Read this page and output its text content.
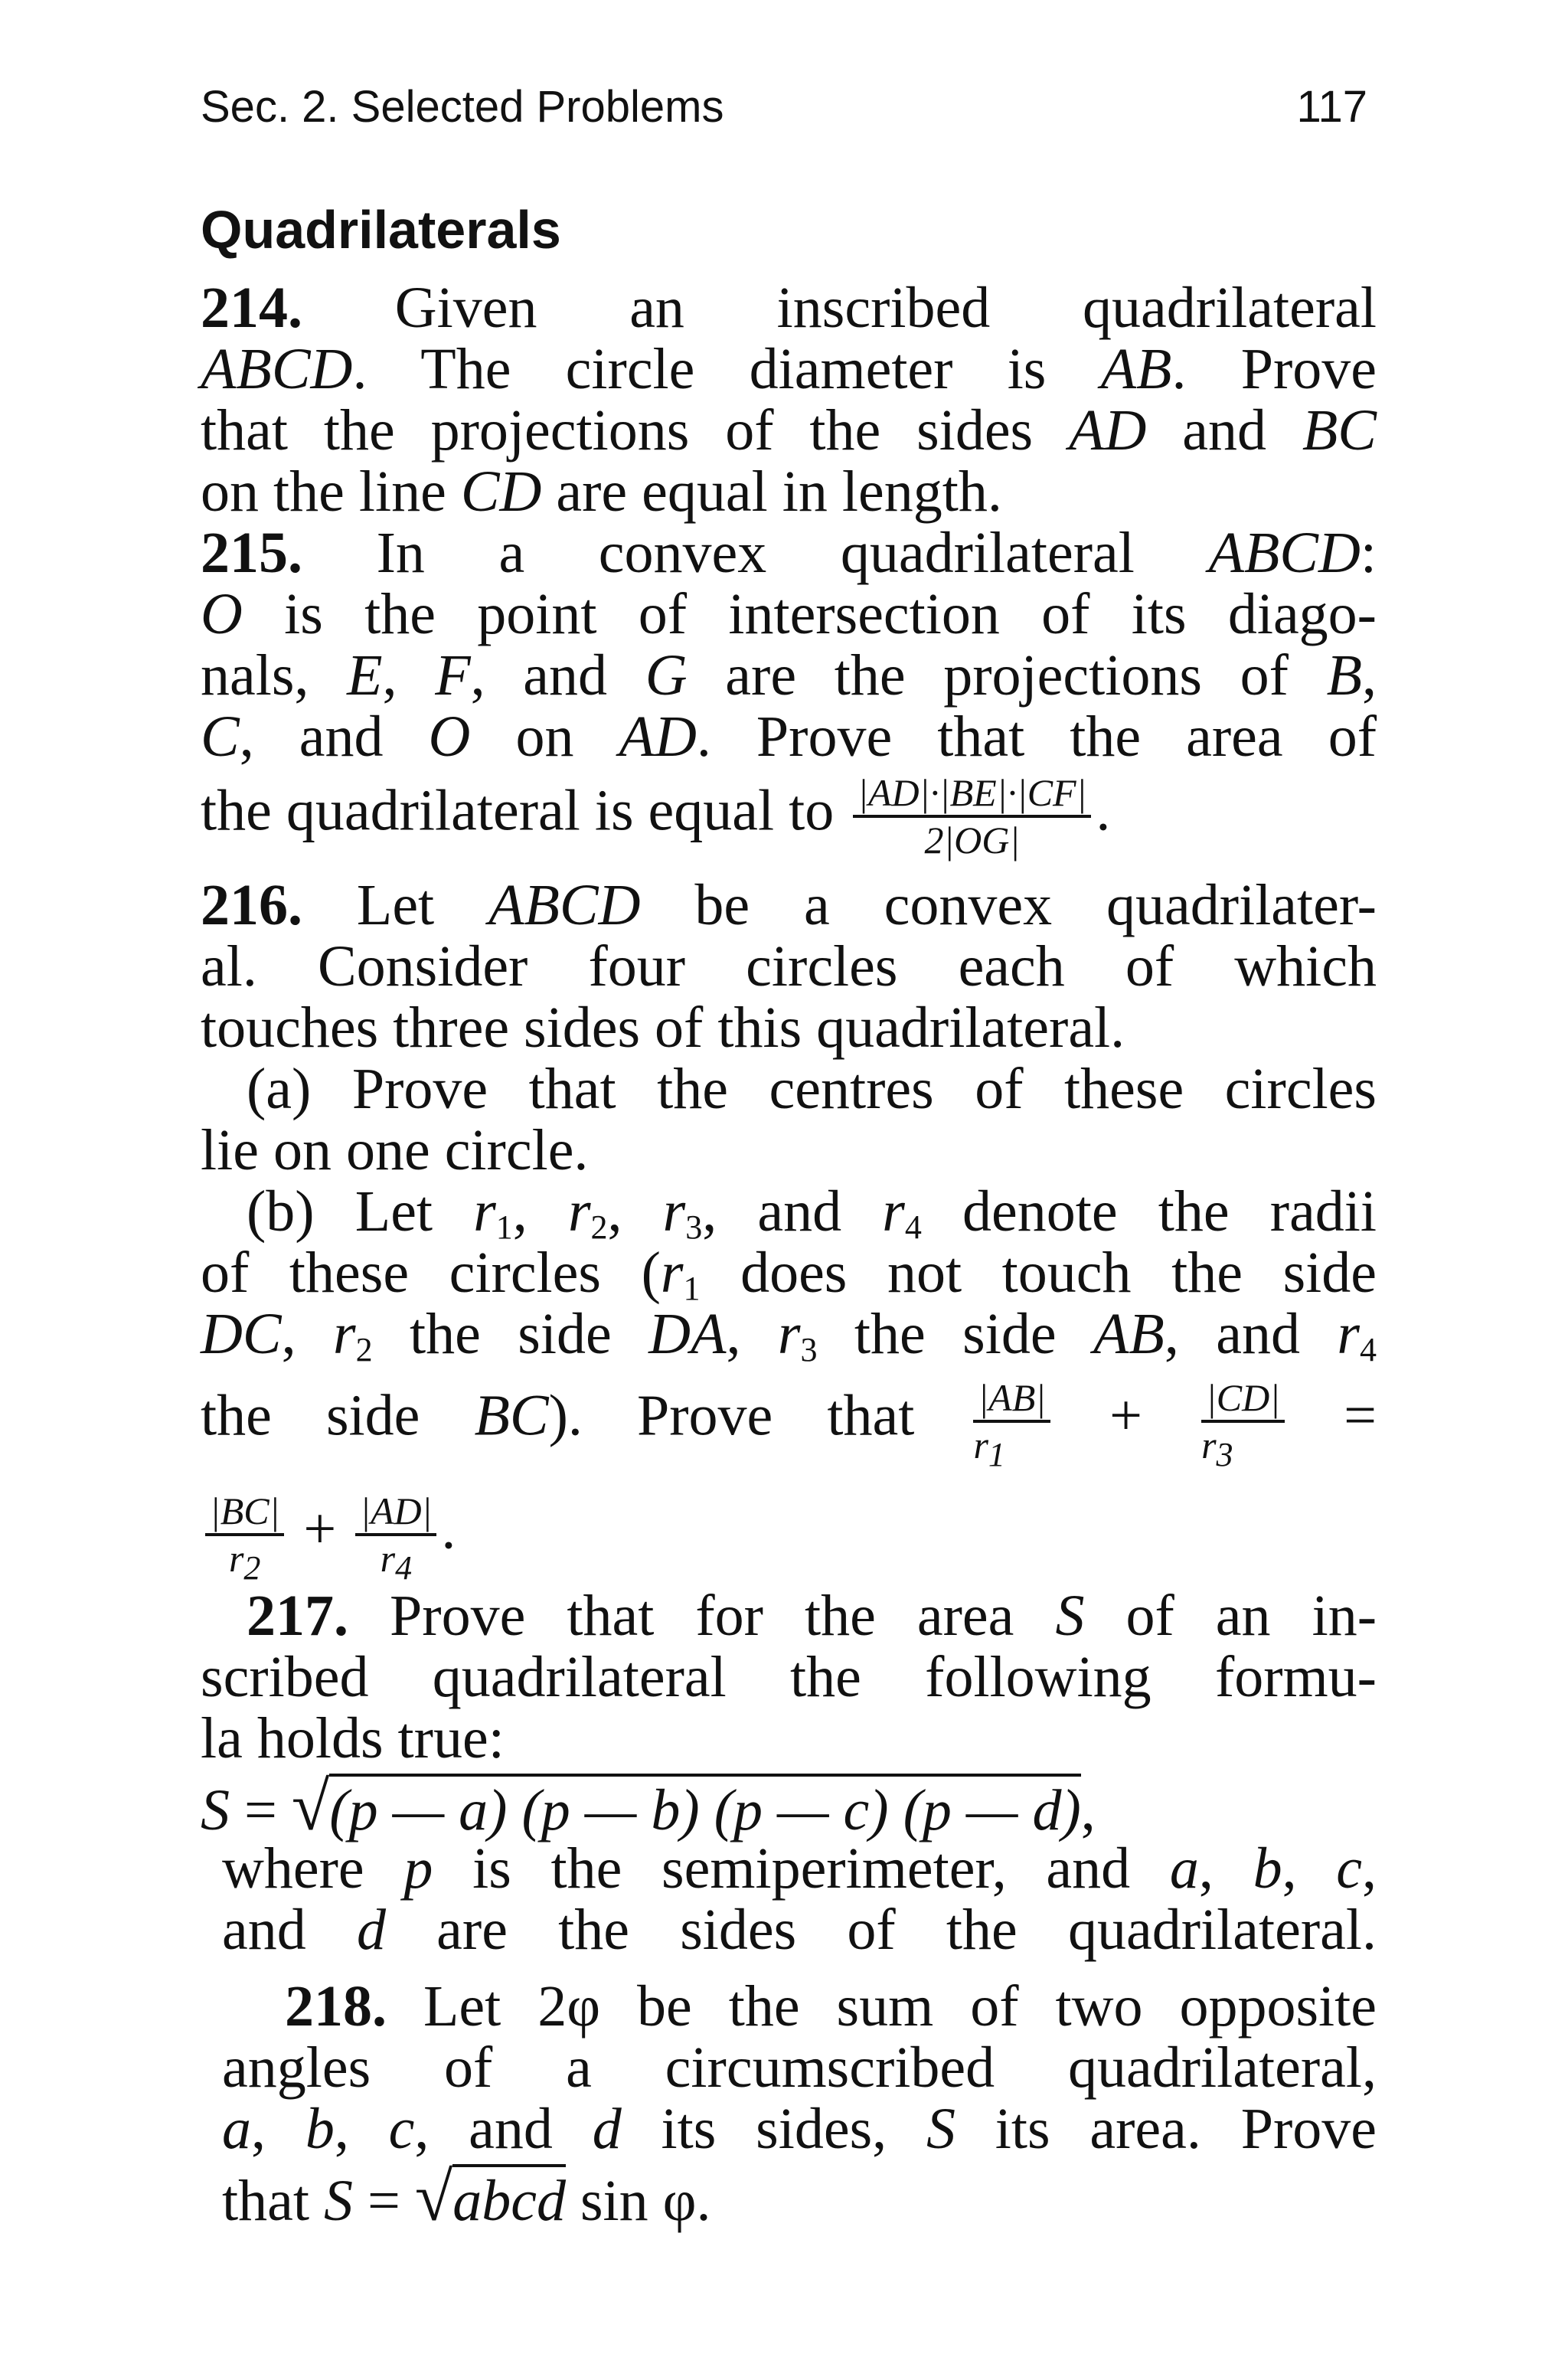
Sec. 2. Selected Problems	117
Quadrilaterals
214. Given an inscribed quadrilateral
ABCD. The circle diameter is AB. Prove
that the projections of the sides AD and BC
on the line CD are equal in length.
215. In a convex quadrilateral ABCD:
O is the point of intersection of its diago-
nals, E, F, and G are the projections of B,
C, and O on AD. Prove that the area of
the quadrilateral is equal to $\frac{|AD|\cdot|BE|\cdot|CF|}{2|OG|}$ .
216. Let ABCD be a convex quadrilater-
al. Consider four circles each of which
touches three sides of this quadrilateral.
(a) Prove that the centres of these circles
lie on one circle.
(b) Let $r_1$, $r_2$, $r_3$, and $r_4$ denote the radii
of these circles ($r_1$ does not touch the side
DC, $r_2$ the side DA, $r_3$ the side AB, and $r_4$
the side BC). Prove that $\frac{|AB|}{r_1} + \frac{|CD|}{r_3}$ =
$\frac{|BC|}{r_2} + \frac{|AD|}{r_4}$ .
217. Prove that for the area S of an in-
scribed quadrilateral the following formu-
la holds true:
S = √(p — a) (p — b) (p — c) (p — d),
where p is the semiperimeter, and a, b, c,
and d are the sides of the quadrilateral.
218. Let 2φ be the sum of two opposite
angles of a circumscribed quadrilateral,
a, b, c, and d its sides, S its area. Prove
that S = √abcd sin φ.
